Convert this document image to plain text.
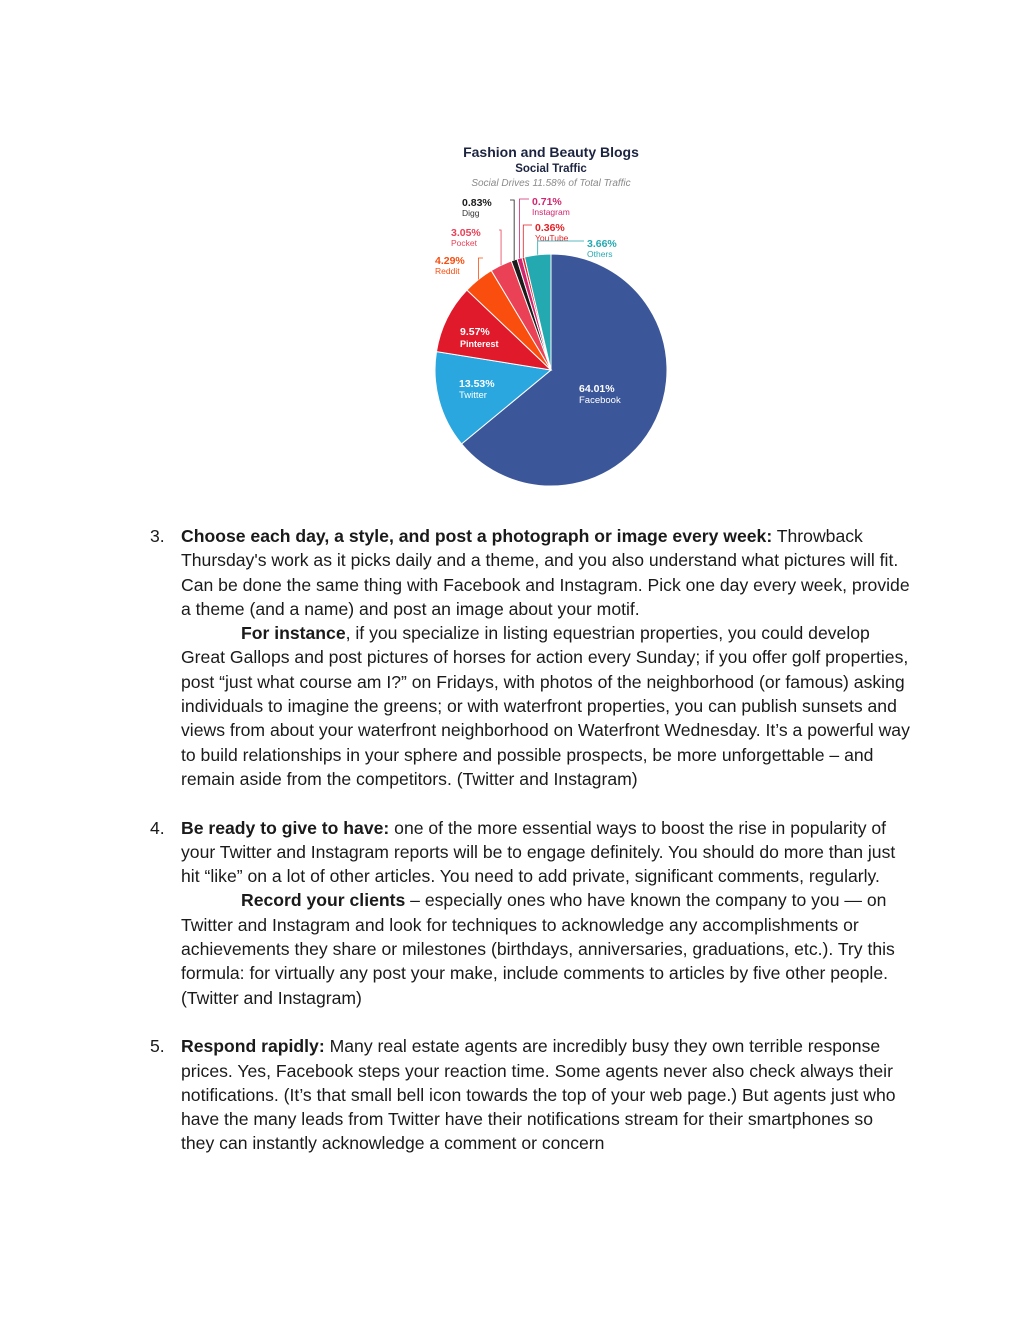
Fashion and Beauty Blogs
Social Traffic
Social Drives 11.58% of Total Traffic
64.01%
Facebook
13.53%
Twitter
9.57%
Pinterest
4.29%
Reddit
3.05%
Pocket
0.83%
Digg
0.71%
Instagram
0.36%
YouTube 3.66%
Others
3. Choose each day, a style, and post a photograph or image every week: Throwback Thursday's work as it picks daily and a theme, and you also understand what pictures will fit. Can be done the same thing with Facebook and Instagram. Pick one day every week, provide a theme (and a name) and post an image about your motif.
For instance, if you specialize in listing equestrian properties, you could develop Great Gallops and post pictures of horses for action every Sunday; if you offer golf properties, post “just what course am I?” on Fridays, with photos of the neighborhood (or famous) asking individuals to imagine the greens; or with waterfront properties, you can publish sunsets and views from about your waterfront neighborhood on Waterfront Wednesday. It’s a powerful way to build relationships in your sphere and possible prospects, be more unforgettable – and remain aside from the competitors. (Twitter and Instagram)
4. Be ready to give to have: one of the more essential ways to boost the rise in popularity of your Twitter and Instagram reports will be to engage definitely. You should do more than just hit “like” on a lot of other articles. You need to add private, significant comments, regularly.
Record your clients – especially ones who have known the company to you — on Twitter and Instagram and look for techniques to acknowledge any accomplishments or achievements they share or milestones (birthdays, anniversaries, graduations, etc.). Try this formula: for virtually any post your make, include comments to articles by five other people. (Twitter and Instagram)
5. Respond rapidly: Many real estate agents are incredibly busy they own terrible response prices. Yes, Facebook steps your reaction time. Some agents never also check always their notifications. (It’s that small bell icon towards the top of your web page.) But agents just who have the many leads from Twitter have their notifications stream for their smartphones so they can instantly acknowledge a comment or concern
